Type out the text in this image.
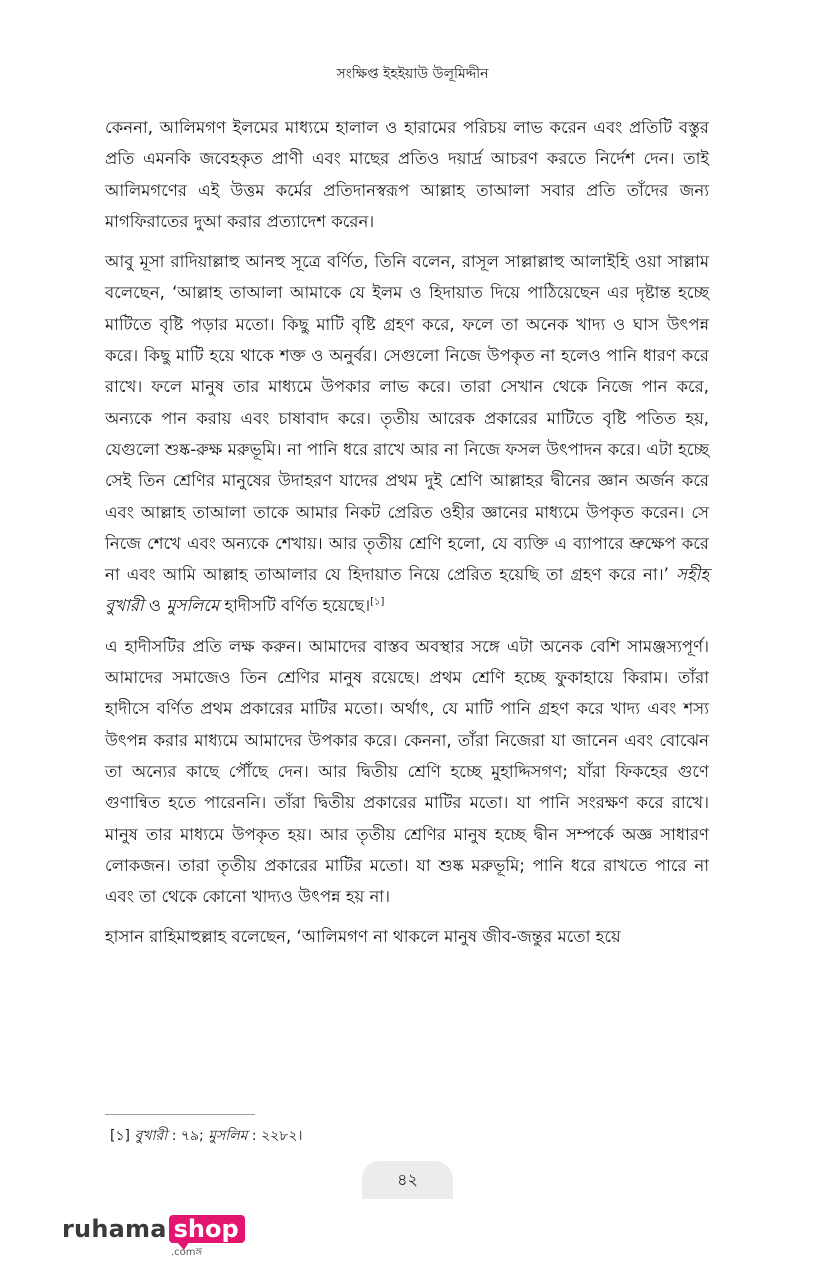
সংক্ষিপ্ত ইহইয়াউ উলূমিদ্দীন

কেননা, আলিমগণ ইলমের মাধ্যমে হালাল ও হারামের পরিচয় লাভ করেন এবং প্রতিটি বস্তুর প্রতি এমনকি জবেহকৃত প্রাণী এবং মাছের প্রতিও দয়ার্দ্র আচরণ করতে নির্দেশ দেন। তাই আলিমগণের এই উত্তম কর্মের প্রতিদানস্বরূপ আল্লাহ তাআলা সবার প্রতি তাঁদের জন্য মাগফিরাতের দুআ করার প্রত্যাদেশ করেন।

আবু মূসা রাদিয়াল্লাহু আনহু সূত্রে বর্ণিত, তিনি বলেন, রাসূল সাল্লাল্লাহু আলাইহি ওয়া সাল্লাম বলেছেন, ‘আল্লাহ তাআলা আমাকে যে ইলম ও হিদায়াত দিয়ে পাঠিয়েছেন এর দৃষ্টান্ত হচ্ছে মাটিতে বৃষ্টি পড়ার মতো। কিছু মাটি বৃষ্টি গ্রহণ করে, ফলে তা অনেক খাদ্য ও ঘাস উৎপন্ন করে। কিছু মাটি হয়ে থাকে শক্ত ও অনুর্বর। সেগুলো নিজে উপকৃত না হলেও পানি ধারণ করে রাখে। ফলে মানুষ তার মাধ্যমে উপকার লাভ করে। তারা সেখান থেকে নিজে পান করে, অন্যকে পান করায় এবং চাষাবাদ করে। তৃতীয় আরেক প্রকারের মাটিতে বৃষ্টি পতিত হয়, যেগুলো শুষ্ক-রুক্ষ মরুভূমি। না পানি ধরে রাখে আর না নিজে ফসল উৎপাদন করে। এটা হচ্ছে সেই তিন শ্রেণির মানুষের উদাহরণ যাদের প্রথম দুই শ্রেণি আল্লাহর দ্বীনের জ্ঞান অর্জন করে এবং আল্লাহ তাআলা তাকে আমার নিকট প্রেরিত ওহীর জ্ঞানের মাধ্যমে উপকৃত করেন। সে নিজে শেখে এবং অন্যকে শেখায়। আর তৃতীয় শ্রেণি হলো, যে ব্যক্তি এ ব্যাপারে ভ্রুক্ষেপ করে না এবং আমি আল্লাহ তাআলার যে হিদায়াত নিয়ে প্রেরিত হয়েছি তা গ্রহণ করে না।’ সহীহ বুখারী ও মুসলিমে হাদীসটি বর্ণিত হয়েছে।[১]

এ হাদীসটির প্রতি লক্ষ করুন। আমাদের বাস্তব অবস্থার সঙ্গে এটা অনেক বেশি সামঞ্জস্যপূর্ণ। আমাদের সমাজেও তিন শ্রেণির মানুষ রয়েছে। প্রথম শ্রেণি হচ্ছে ফুকাহায়ে কিরাম। তাঁরা হাদীসে বর্ণিত প্রথম প্রকারের মাটির মতো। অর্থাৎ, যে মাটি পানি গ্রহণ করে খাদ্য এবং শস্য উৎপন্ন করার মাধ্যমে আমাদের উপকার করে। কেননা, তাঁরা নিজেরা যা জানেন এবং বোঝেন তা অন্যের কাছে পৌঁছে দেন। আর দ্বিতীয় শ্রেণি হচ্ছে মুহাদ্দিসগণ; যাঁরা ফিকহের গুণে গুণান্বিত হতে পারেননি। তাঁরা দ্বিতীয় প্রকারের মাটির মতো। যা পানি সংরক্ষণ করে রাখে। মানুষ তার মাধ্যমে উপকৃত হয়। আর তৃতীয় শ্রেণির মানুষ হচ্ছে দ্বীন সম্পর্কে অজ্ঞ সাধারণ লোকজন। তারা তৃতীয় প্রকারের মাটির মতো। যা শুষ্ক মরুভূমি; পানি ধরে রাখতে পারে না এবং তা থেকে কোনো খাদ্যও উৎপন্ন হয় না।

হাসান রাহিমাহুল্লাহ বলেছেন, ‘আলিমগণ না থাকলে মানুষ জীব-জন্তুর মতো হয়ে

[১] বুখারী : ৭৯; মুসলিম : ২২৮২।
৪২
ruhama shop
.comঙ্গ
